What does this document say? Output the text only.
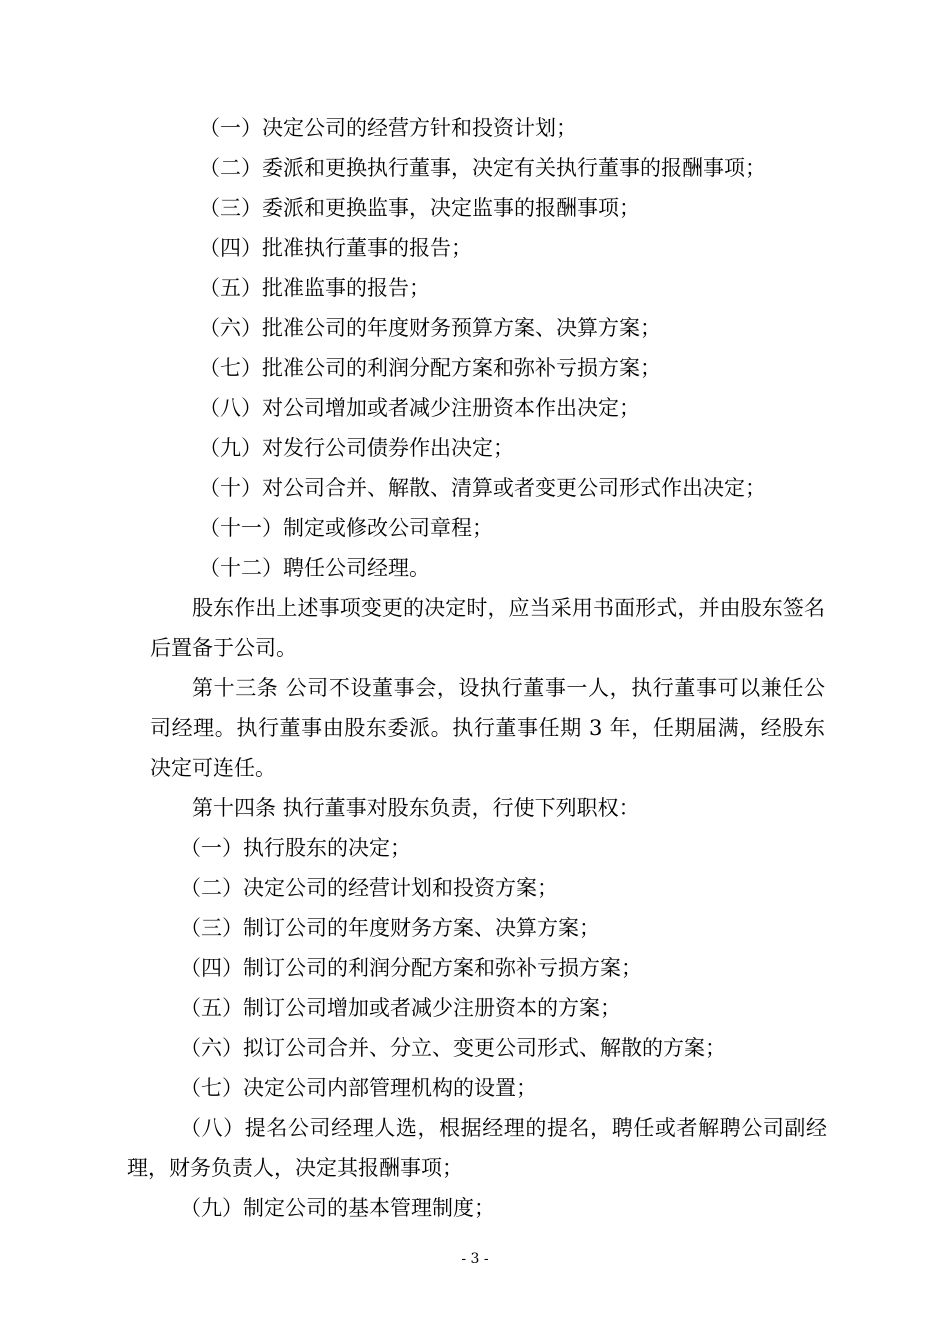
（一）决定公司的经营方针和投资计划；

（二）委派和更换执行董事，决定有关执行董事的报酬事项；

（三）委派和更换监事，决定监事的报酬事项；

（四）批准执行董事的报告；

（五）批准监事的报告；

（六）批准公司的年度财务预算方案、决算方案；

（七）批准公司的利润分配方案和弥补亏损方案；

（八）对公司增加或者减少注册资本作出决定；

（九）对发行公司债券作出决定；

（十）对公司合并、解散、清算或者变更公司形式作出决定；

（十一）制定或修改公司章程；

（十二）聘任公司经理。

股东作出上述事项变更的决定时，应当采用书面形式，并由股东签名后置备于公司。

第十三条 公司不设董事会，设执行董事一人，执行董事可以兼任公司经理。执行董事由股东委派。执行董事任期 3 年，任期届满，经股东决定可连任。

第十四条 执行董事对股东负责，行使下列职权：

（一）执行股东的决定；

（二）决定公司的经营计划和投资方案；

（三）制订公司的年度财务方案、决算方案；

（四）制订公司的利润分配方案和弥补亏损方案；

（五）制订公司增加或者减少注册资本的方案；

（六）拟订公司合并、分立、变更公司形式、解散的方案；

（七）决定公司内部管理机构的设置；

（八）提名公司经理人选，根据经理的提名，聘任或者解聘公司副经理，财务负责人，决定其报酬事项；

（九）制定公司的基本管理制度；

- 3 -
